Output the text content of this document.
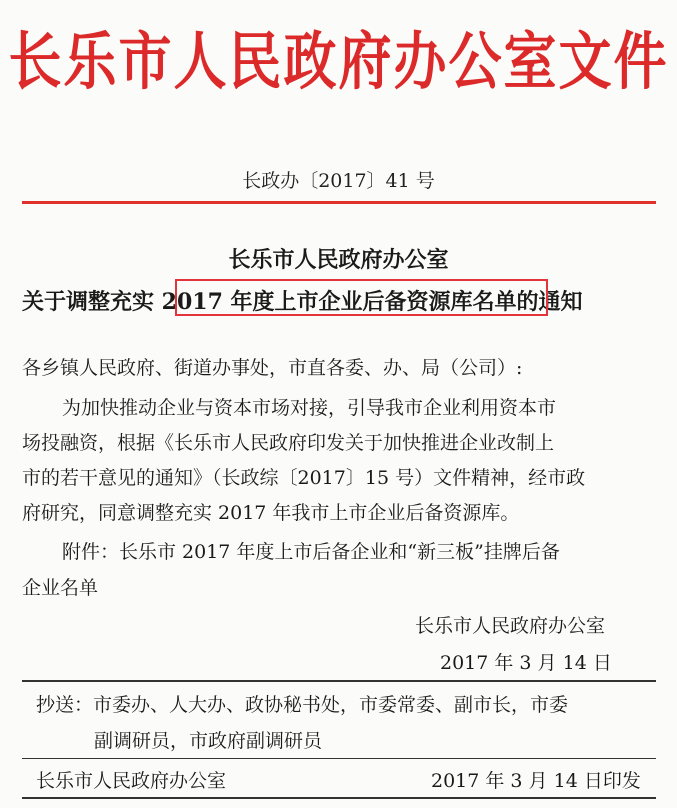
长乐市人民政府办公室文件
长政办〔2017〕41 号
长乐市人民政府办公室
关于调整充实 2017 年度上市企业后备资源库名单的通知
各乡镇人民政府、街道办事处，市直各委、办、局（公司）:
为加快推动企业与资本市场对接，引导我市企业利用资本市
场投融资，根据《长乐市人民政府印发关于加快推进企业改制上
市的若干意见的通知》（长政综〔2017〕15 号）文件精神，经市政
府研究，同意调整充实 2017 年我市上市企业后备资源库。
附件：长乐市 2017 年度上市后备企业和“新三板”挂牌后备
企业名单
长乐市人民政府办公室
2017 年 3 月 14 日
抄送：市委办、人大办、政协秘书处，市委常委、副市长，市委
副调研员，市政府副调研员
长乐市人民政府办公室	2017 年 3 月 14 日印发
